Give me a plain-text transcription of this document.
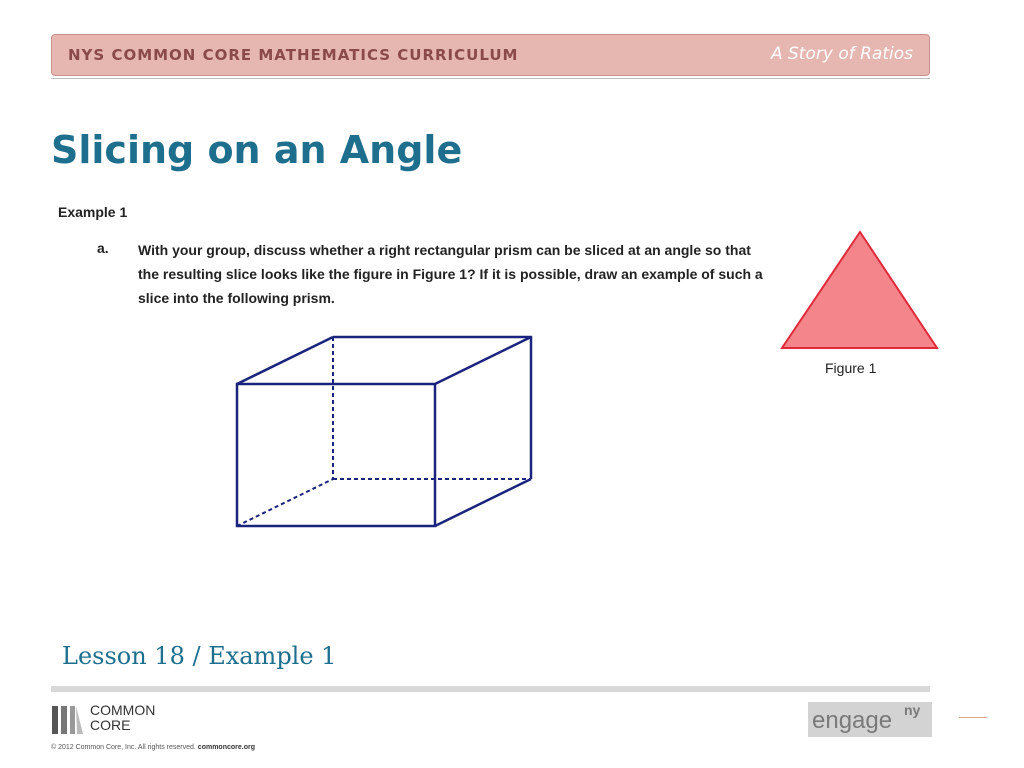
NYS COMMON CORE MATHEMATICS CURRICULUM	A Story of Ratios
Slicing on an Angle
Example 1
a. With your group, discuss whether a right rectangular prism can be sliced at an angle so that the resulting slice looks like the figure in Figure 1? If it is possible, draw an example of such a slice into the following prism.
Figure 1
Lesson 18 / Example 1
COMMON
CORE
© 2012 Common Core, Inc. All rights reserved. commoncore.org
engage ny
